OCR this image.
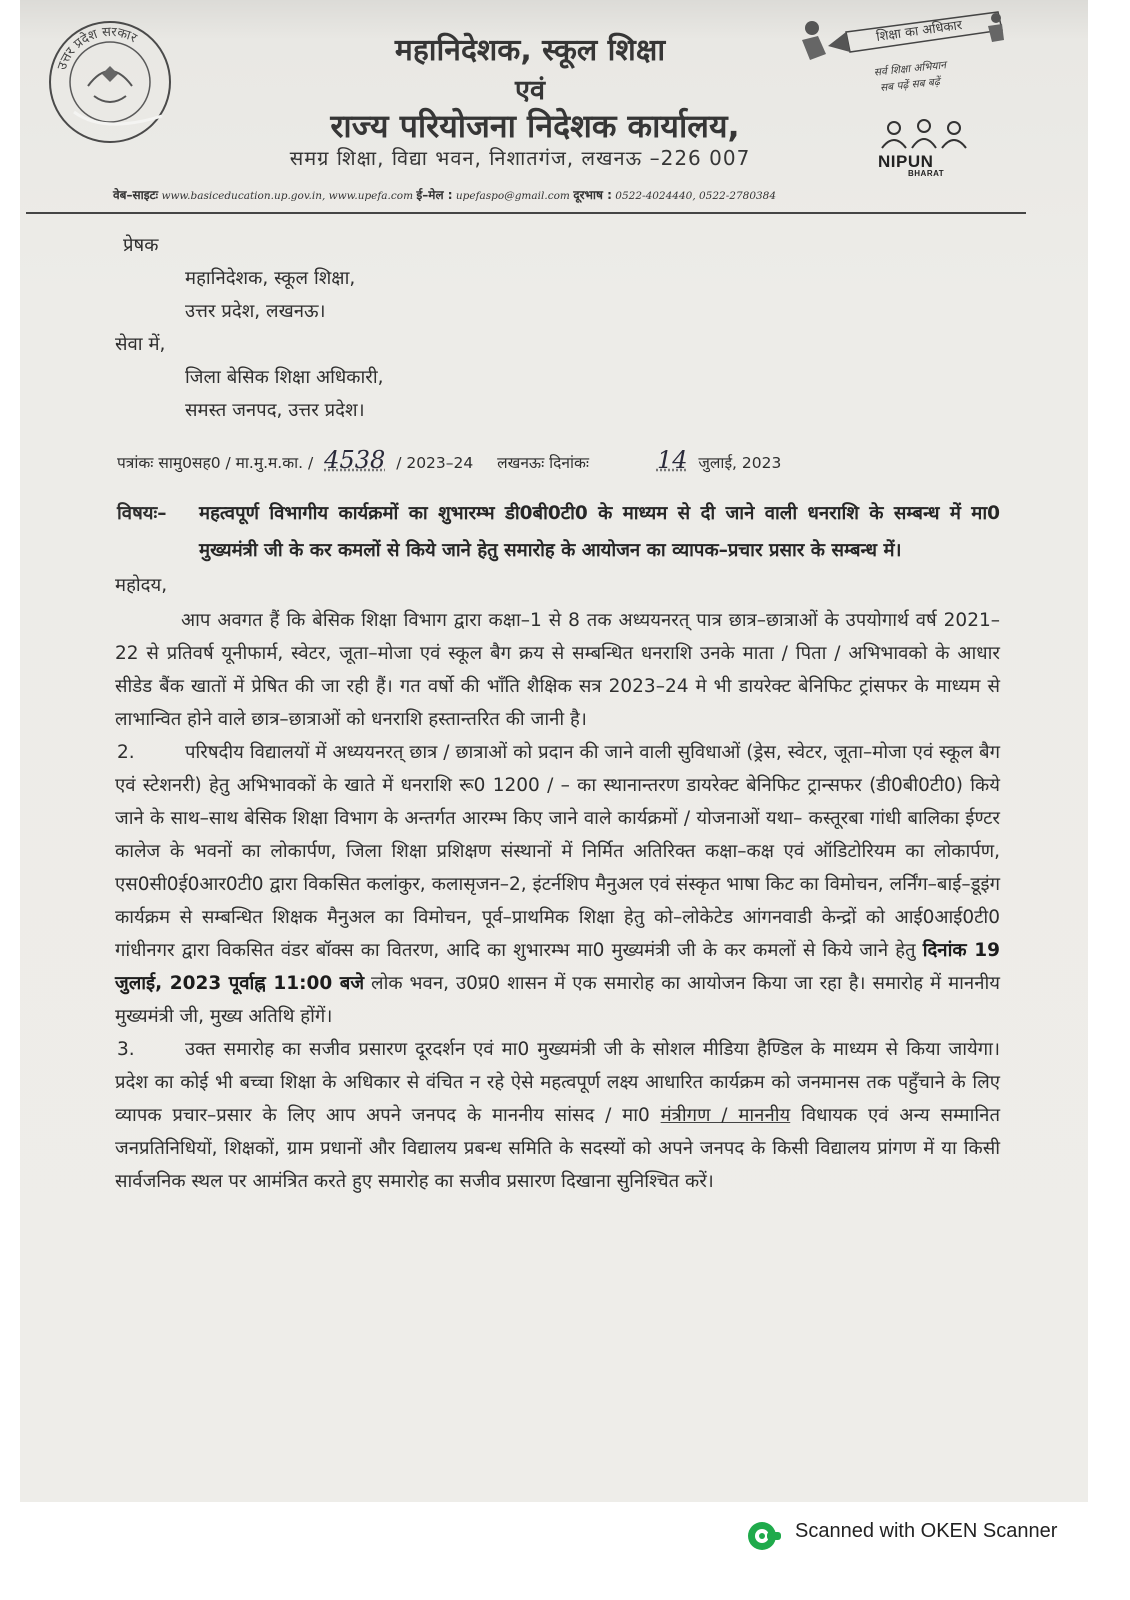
उत्तर प्रदेश सरकार	महानिदेशक, स्कूल शिक्षा
एवं
राज्य परियोजना निदेशक कार्यालय,
समग्र शिक्षा, विद्या भवन, निशातगंज, लखनऊ –226 007
शिक्षा का अधिकार
सर्व शिक्षा अभियान
सब पढ़ें सब बढ़ें
NIPUN
BHARAT
वेब–साइटः www.basiceducation.up.gov.in, www.upefa.com ई–मेल : upefaspo@gmail.com दूरभाष : 0522-4024440, 0522-2780384

प्रेषक

महानिदेशक, स्कूल शिक्षा,

उत्तर प्रदेश, लखनऊ।

सेवा में,

जिला बेसिक शिक्षा अधिकारी,

समस्त जनपद, उत्तर प्रदेश।

पत्रांकः सामु0सह0 / मा.मु.म.का. / 4538 / 2023–24 लखनऊः दिनांकः	14 जुलाई, 2023

विषयः–	महत्वपूर्ण विभागीय कार्यक्रमों का शुभारम्भ डी0बी0टी0 के माध्यम से दी जाने वाली धनराशि के सम्बन्ध में मा0 मुख्यमंत्री जी के कर कमलों से किये जाने हेतु समारोह के आयोजन का व्यापक–प्रचार प्रसार के सम्बन्ध में।

महोदय,

आप अवगत हैं कि बेसिक शिक्षा विभाग द्वारा कक्षा–1 से 8 तक अध्ययनरत् पात्र छात्र–छात्राओं के उपयोगार्थ वर्ष 2021–22 से प्रतिवर्ष यूनीफार्म, स्वेटर, जूता–मोजा एवं स्कूल बैग क्रय से सम्बन्धित धनराशि उनके माता / पिता / अभिभावको के आधार सीडेड बैंक खातों में प्रेषित की जा रही हैं। गत वर्षो की भाँति शैक्षिक सत्र 2023–24 मे भी डायरेक्ट बेनिफिट ट्रांसफर के माध्यम से लाभान्वित होने वाले छात्र–छात्राओं को धनराशि हस्तान्तरित की जानी है।

2.	परिषदीय विद्यालयों में अध्ययनरत् छात्र / छात्राओं को प्रदान की जाने वाली सुविधाओं (ड्रेस, स्वेटर, जूता–मोजा एवं स्कूल बैग एवं स्टेशनरी) हेतु अभिभावकों के खाते में धनराशि रू0 1200 / – का स्थानान्तरण डायरेक्ट बेनिफिट ट्रान्सफर (डी0बी0टी0) किये जाने के साथ–साथ बेसिक शिक्षा विभाग के अन्तर्गत आरम्भ किए जाने वाले कार्यक्रमों / योजनाओं यथा– कस्तूरबा गांधी बालिका ईण्टर कालेज के भवनों का लोकार्पण, जिला शिक्षा प्रशिक्षण संस्थानों में निर्मित अतिरिक्त कक्षा–कक्ष एवं ऑडिटोरियम का लोकार्पण, एस0सी0ई0आर0टी0 द्वारा विकसित कलांकुर, कलासृजन–2, इंटर्नशिप मैनुअल एवं संस्कृत भाषा किट का विमोचन, लर्निंग–बाई–डूइंग कार्यक्रम से सम्बन्धित शिक्षक मैनुअल का विमोचन, पूर्व–प्राथमिक शिक्षा हेतु को–लोकेटेड आंगनवाडी केन्द्रों को आई0आई0टी0 गांधीनगर द्वारा विकसित वंडर बॉक्स का वितरण, आदि का शुभारम्भ मा0 मुख्यमंत्री जी के कर कमलों से किये जाने हेतु दिनांक 19 जुलाई, 2023 पूर्वाह्न 11:00 बजे लोक भवन, उ0प्र0 शासन में एक समारोह का आयोजन किया जा रहा है। समारोह में माननीय मुख्यमंत्री जी, मुख्य अतिथि होंगें।

3.	उक्त समारोह का सजीव प्रसारण दूरदर्शन एवं मा0 मुख्यमंत्री जी के सोशल मीडिया हैण्डिल के माध्यम से किया जायेगा। प्रदेश का कोई भी बच्चा शिक्षा के अधिकार से वंचित न रहे ऐसे महत्वपूर्ण लक्ष्य आधारित कार्यक्रम को जनमानस तक पहुँचाने के लिए व्यापक प्रचार–प्रसार के लिए आप अपने जनपद के माननीय सांसद / मा0 मंत्रीगण / माननीय विधायक एवं अन्य सम्मानित जनप्रतिनिधियों, शिक्षकों, ग्राम प्रधानों और विद्यालय प्रबन्ध समिति के सदस्यों को अपने जनपद के किसी विद्यालय प्रांगण में या किसी सार्वजनिक स्थल पर आमंत्रित करते हुए समारोह का सजीव प्रसारण दिखाना सुनिश्चित करें।

Scanned with OKEN Scanner
